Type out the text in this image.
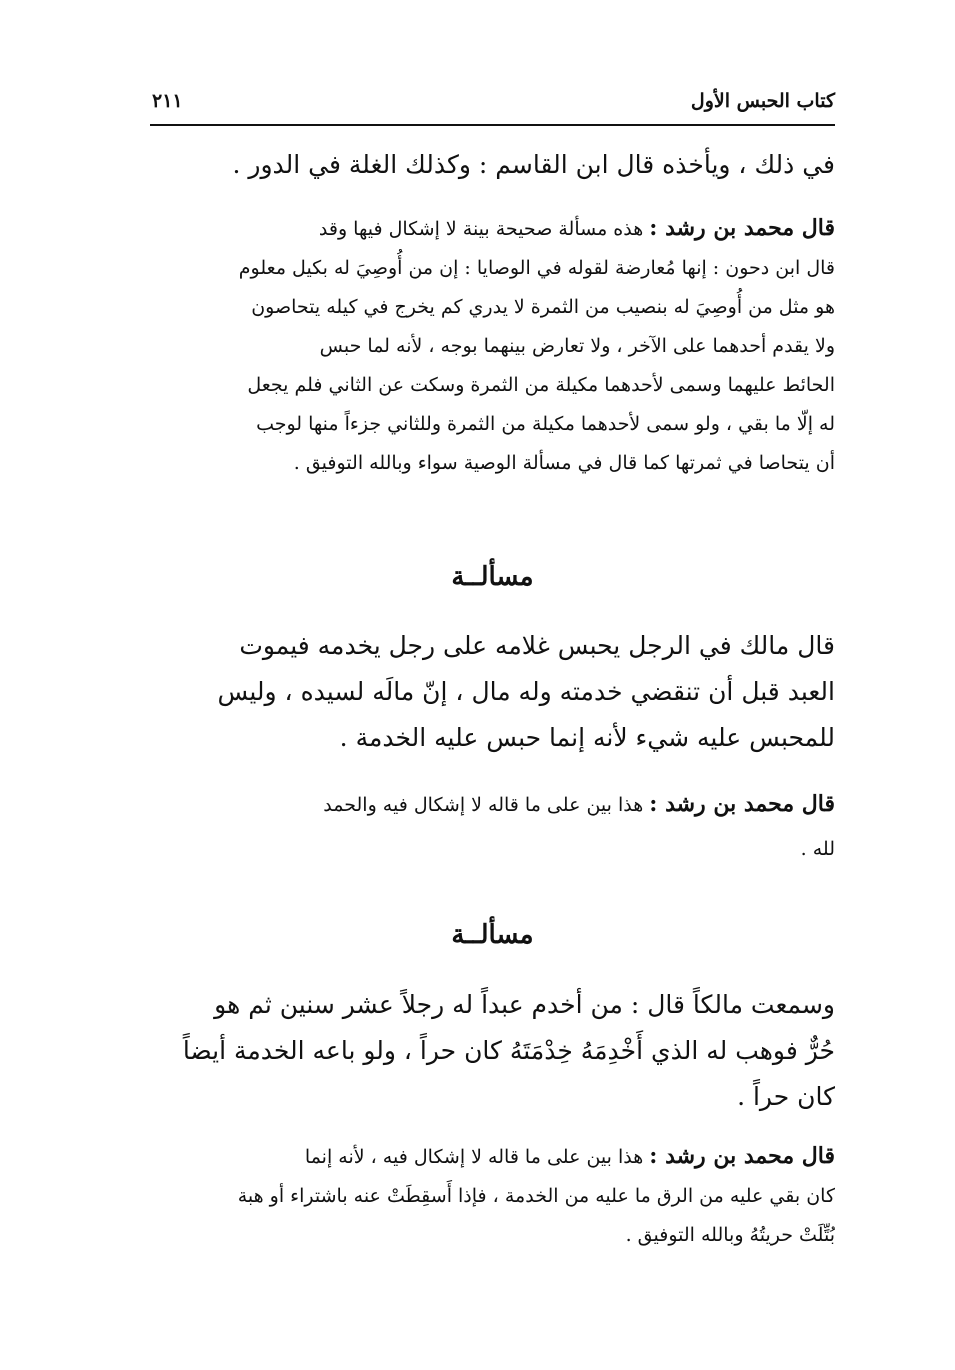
كتاب الحبس الأول
٢١١
في ذلك ، ويأخذه قال ابن القاسم : وكذلك الغلة في الدور .
قال محمد بن رشد : هذه مسألة صحيحة بينة لا إشكال فيها وقد
قال ابن دحون : إنها مُعارضة لقوله في الوصايا : إن من أُوصِيَ له بكيل معلوم
هو مثل من أُوصِيَ له بنصيب من الثمرة لا يدري كم يخرج في كيله يتحاصون
ولا يقدم أحدهما على الآخر ، ولا تعارض بينهما بوجه ، لأنه لما حبس
الحائط عليهما وسمى لأحدهما مكيلة من الثمرة وسكت عن الثاني فلم يجعل
له إلّا ما بقي ، ولو سمى لأحدهما مكيلة من الثمرة وللثاني جزءاً منها لوجب
أن يتحاصا في ثمرتها كما قال في مسألة الوصية سواء وبالله التوفيق .
مسألــة
قال مالك في الرجل يحبس غلامه على رجل يخدمه فيموت
العبد قبل أن تنقضي خدمته وله مال ، إنّ مالَه لسيده ، وليس
للمحبس عليه شيء لأنه إنما حبس عليه الخدمة .
قال محمد بن رشد : هذا بين على ما قاله لا إشكال فيه والحمد
لله .
مسألــة
وسمعت مالكاً قال : من أخدم عبداً له رجلاً عشر سنين ثم هو
حُرٌّ فوهب له الذي أَخْدِمَهُ خِدْمَتَهُ كان حراً ، ولو باعه الخدمة أيضاً
كان حراً .
قال محمد بن رشد : هذا بين على ما قاله لا إشكال فيه ، لأنه إنما
كان بقي عليه من الرق ما عليه من الخدمة ، فإذا أَسقِطَتْ عنه باشتراء أو هبة
بُتِّلَتْ حريتُهُ وبالله التوفيق .
